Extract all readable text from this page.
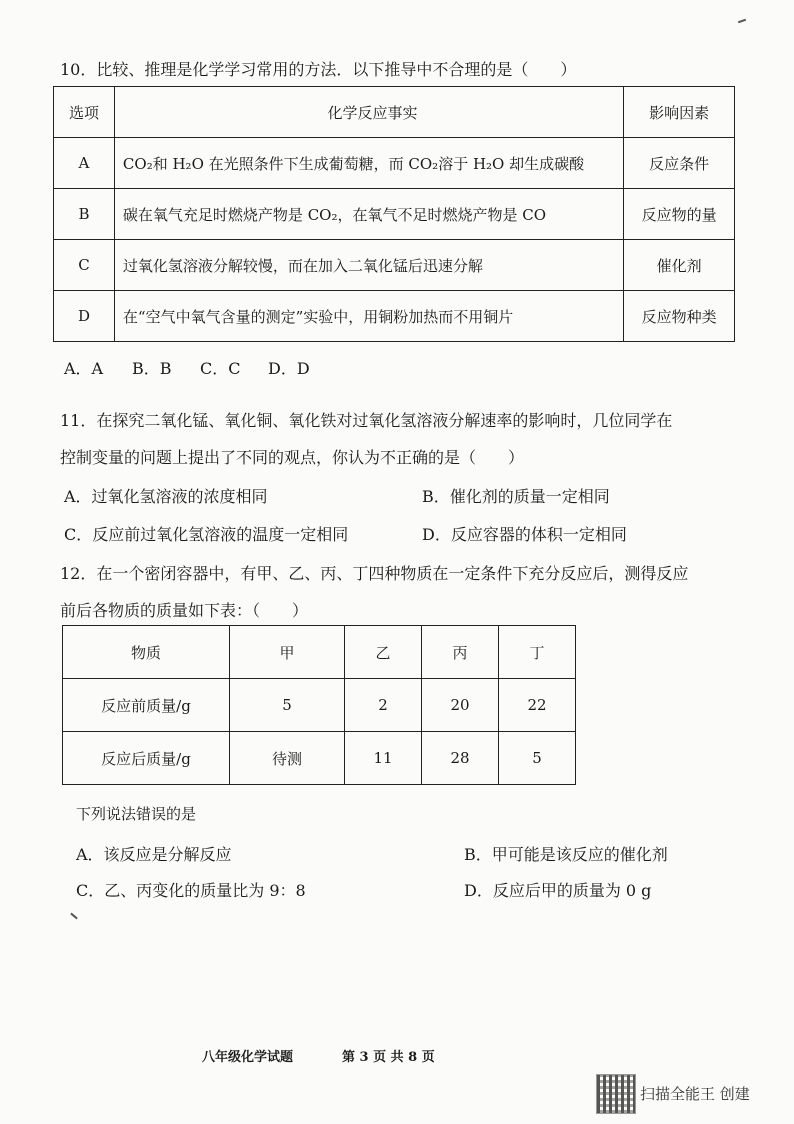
10．比较、推理是化学学习常用的方法．以下推导中不合理的是（　　）
选项	化学反应事实	影响因素
A	CO₂和 H₂O 在光照条件下生成葡萄糖，而 CO₂溶于 H₂O 却生成碳酸	反应条件
B	碳在氧气充足时燃烧产物是 CO₂，在氧气不足时燃烧产物是 CO	反应物的量
C	过氧化氢溶液分解较慢，而在加入二氧化锰后迅速分解	催化剂
D	在“空气中氧气含量的测定”实验中，用铜粉加热而不用铜片	反应物种类
A．A B．B C．C D．D
11．在探究二氧化锰、氧化铜、氧化铁对过氧化氢溶液分解速率的影响时，几位同学在
控制变量的问题上提出了不同的观点，你认为不正确的是（　　）
A．过氧化氢溶液的浓度相同	B．催化剂的质量一定相同
C．反应前过氧化氢溶液的温度一定相同	D．反应容器的体积一定相同
12．在一个密闭容器中，有甲、乙、丙、丁四种物质在一定条件下充分反应后，测得反应
前后各物质的质量如下表：（　　）
物质	甲	乙	丙	丁
反应前质量/g	5	2	20	22
反应后质量/g	待测	11	28	5
下列说法错误的是
A．该反应是分解反应	B．甲可能是该反应的催化剂
C．乙、丙变化的质量比为 9：8	D．反应后甲的质量为 0 g
八年级化学试题	第 3 页 共 8 页
扫描全能王 创建
